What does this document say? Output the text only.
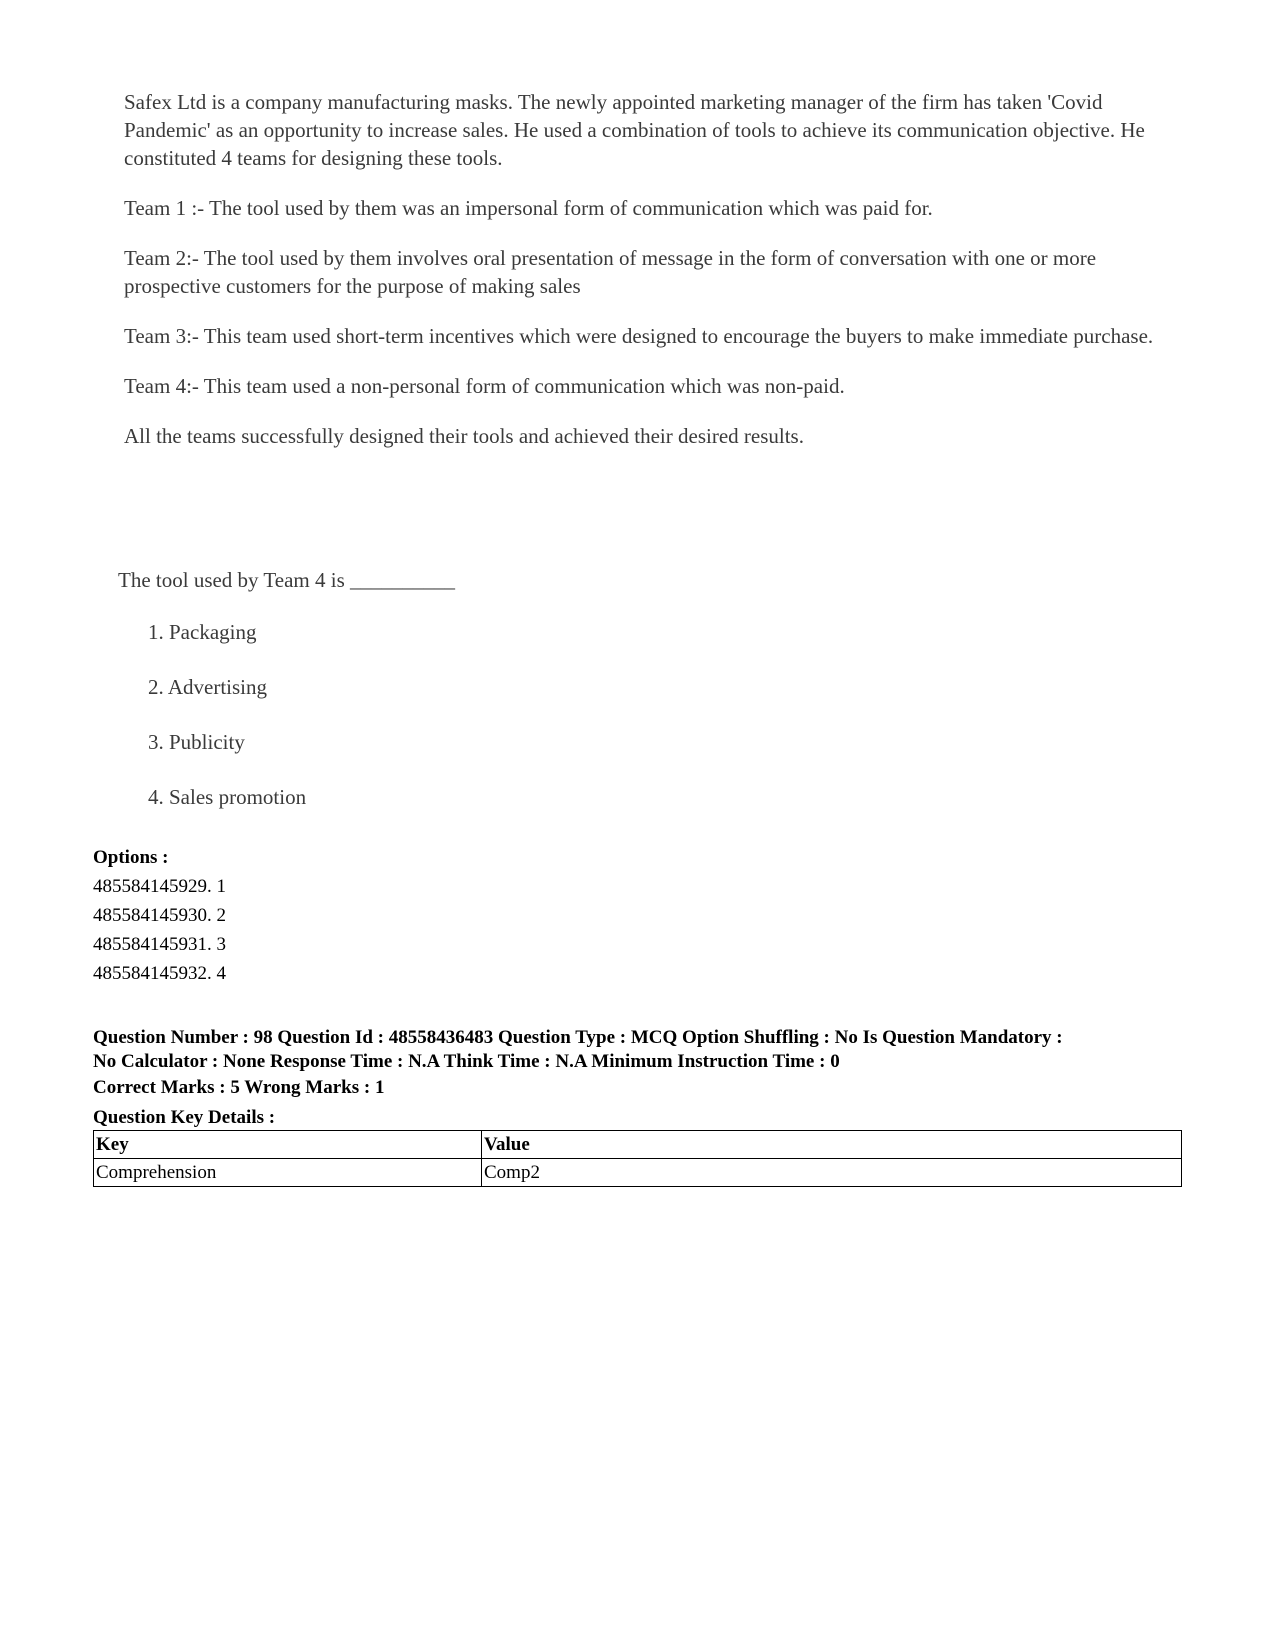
Safex Ltd is a company manufacturing masks. The newly appointed marketing manager of the firm has taken 'Covid Pandemic' as an opportunity to increase sales. He used a combination of tools to achieve its communication objective. He constituted 4 teams for designing these tools.

Team 1 :- The tool used by them was an impersonal form of communication which was paid for.

Team 2:- The tool used by them involves oral presentation of message in the form of conversation with one or more prospective customers for the purpose of making sales

Team 3:- This team used short-term incentives which were designed to encourage the buyers to make immediate purchase.

Team 4:- This team used a non-personal form of communication which was non-paid.

All the teams successfully designed their tools and achieved their desired results.

The tool used by Team 4 is __________

1. Packaging
2. Advertising
3. Publicity
4. Sales promotion
Options :
485584145929. 1
485584145930. 2
485584145931. 3
485584145932. 4

Question Number : 98 Question Id : 48558436483 Question Type : MCQ Option Shuffling : No Is Question Mandatory :

No Calculator : None Response Time : N.A Think Time : N.A Minimum Instruction Time : 0

Correct Marks : 5 Wrong Marks : 1
Question Key Details :
Key	Value
Comprehension	Comp2
